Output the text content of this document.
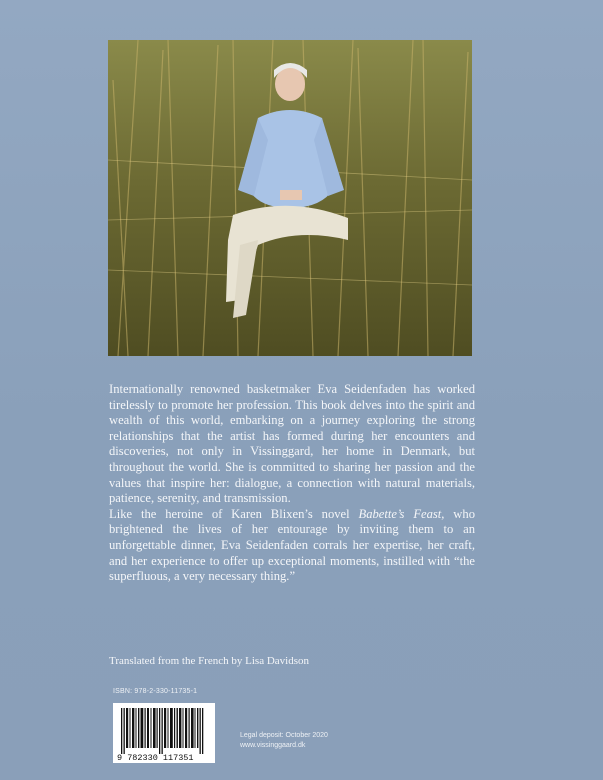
Internationally renowned basketmaker Eva Seidenfaden has worked tirelessly to promote her profession. This book delves into the spirit and wealth of this world, embarking on a journey exploring the strong relationships that the artist has formed during her encounters and discoveries, not only in Vissinggard, her home in Denmark, but throughout the world. She is committed to sharing her passion and the values that inspire her: dialogue, a connection with natural materials, patience, serenity, and transmission.

Like the heroine of Karen Blixen’s novel Babette’s Feast, who brightened the lives of her entourage by inviting them to an unforgettable dinner, Eva Seidenfaden corrals her expertise, her craft, and her experience to offer up exceptional moments, instilled with “the superfluous, a very necessary thing.”

Translated from the French by Lisa Davidson
ISBN: 978-2-330-11735-1
9 782330 117351
Legal deposit: October 2020
www.vissinggaard.dk
